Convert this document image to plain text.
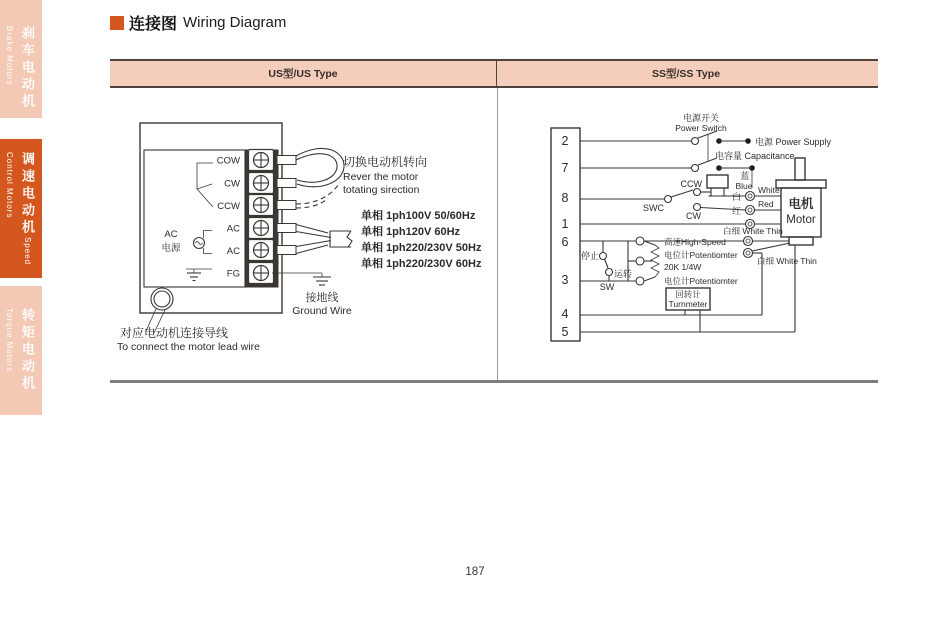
刹车电动机Brake Motors
调速电动机Speed Control Motors
转矩电动机Torque Motors
连接图 Wiring Diagram
US型/US Type	SS型/SS Type
COW
CW
CCW
AC
AC
FG
AC
电源
切换电动机转向
Rever the motor
totating sirection
单相 1ph100V 50/60Hz
单相 1ph120V 60Hz
单相 1ph220/230V 50Hz
单相 1ph220/230V 60Hz
接地线
Ground Wire
对应电动机连接导线
To connect the motor lead wire
2
7
8
1
6
3
4
5
电源开关
Power Switch
电源 Power Supply
电容量 Capacitance
蓝
Blue
CCW
SWC
CW
白
White
红
Red
白细 White Thin
白细 White Thin
停止
运转
SW
高速High-Speed
电位计Potentiomter
20K 1/4W
电位计Potentiomter
回转计
Turnmeter
电机
Motor
187
